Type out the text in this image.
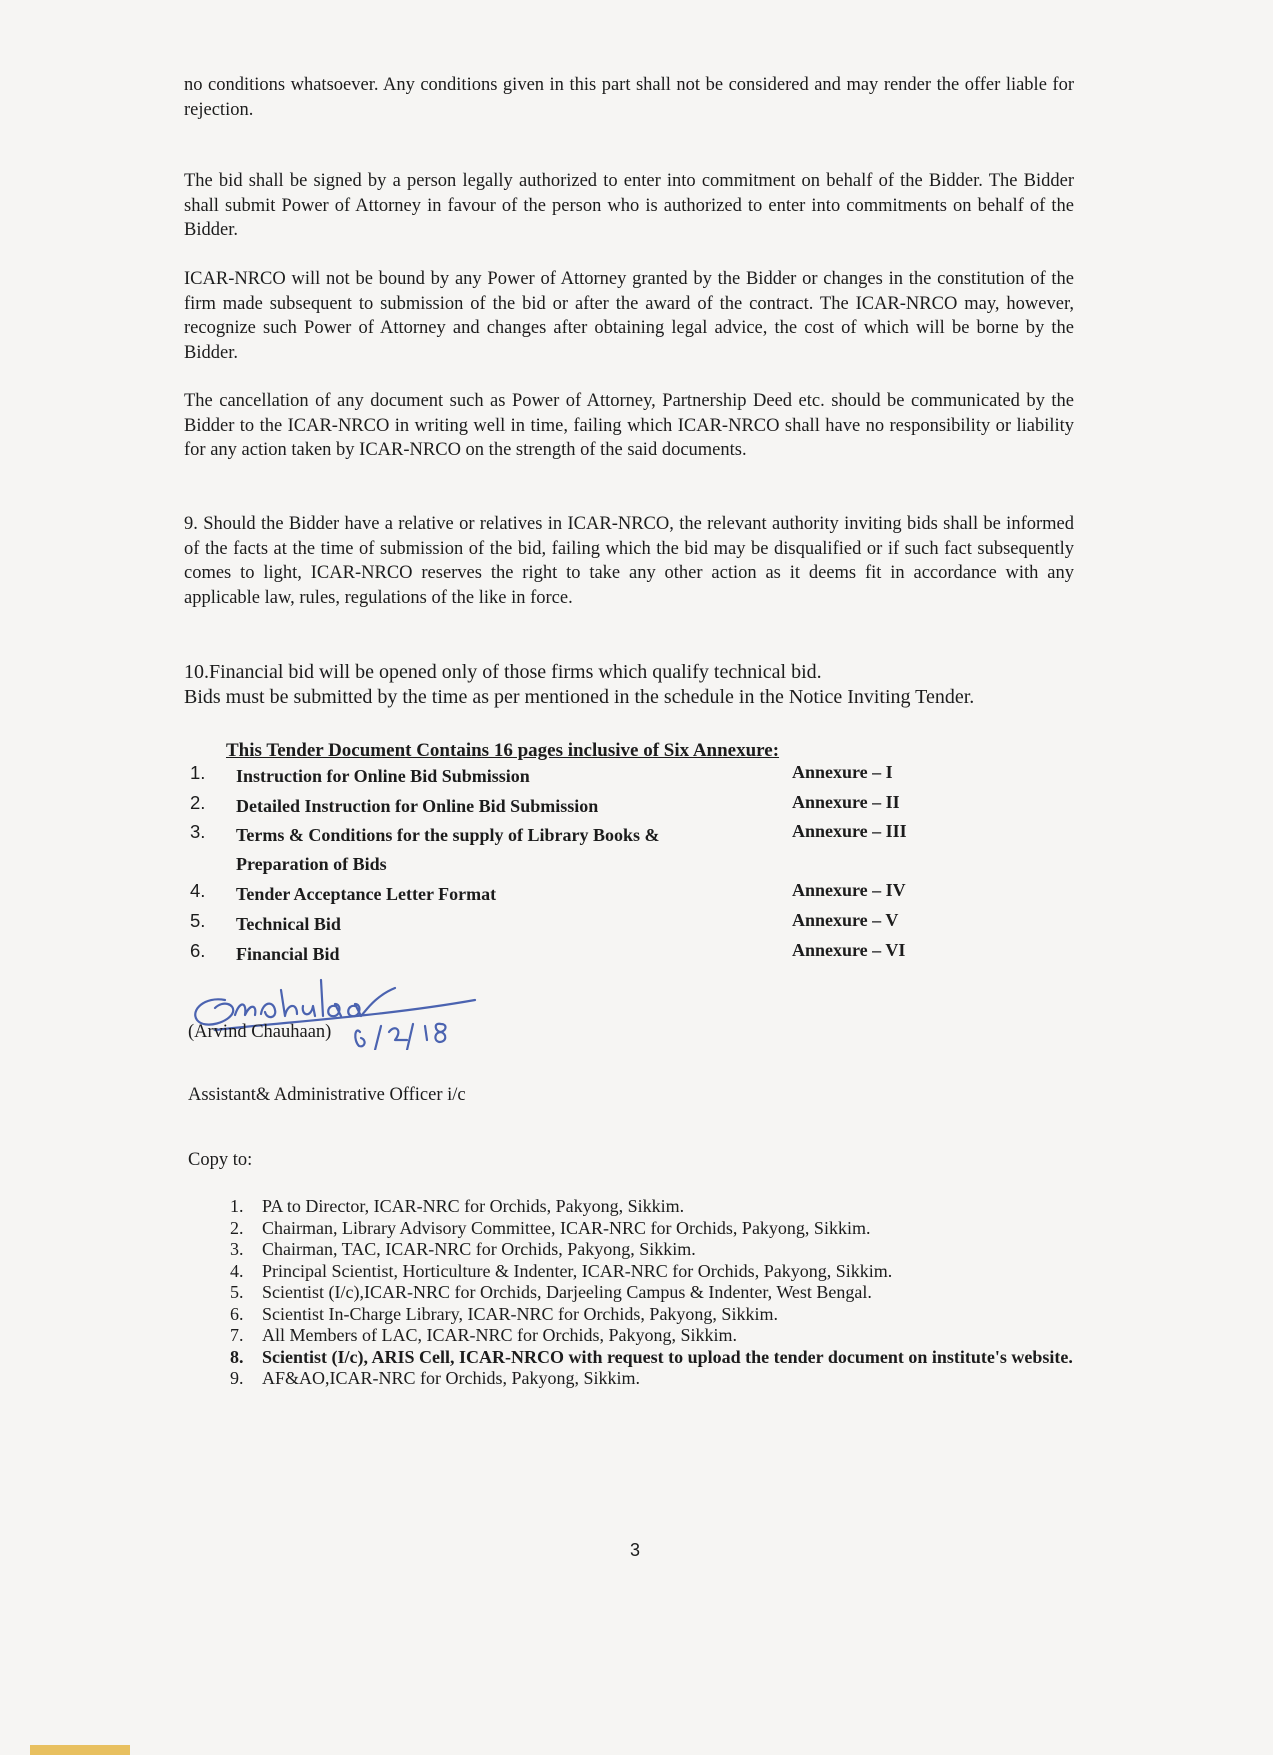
no conditions whatsoever. Any conditions given in this part shall not be considered and may render the offer liable for rejection.

The bid shall be signed by a person legally authorized to enter into commitment on behalf of the Bidder. The Bidder shall submit Power of Attorney in favour of the person who is authorized to enter into commitments on behalf of the Bidder.

ICAR-NRCO will not be bound by any Power of Attorney granted by the Bidder or changes in the constitution of the firm made subsequent to submission of the bid or after the award of the contract. The ICAR-NRCO may, however, recognize such Power of Attorney and changes after obtaining legal advice, the cost of which will be borne by the Bidder.

The cancellation of any document such as Power of Attorney, Partnership Deed etc. should be communicated by the Bidder to the ICAR-NRCO in writing well in time, failing which ICAR-NRCO shall have no responsibility or liability for any action taken by ICAR-NRCO on the strength of the said documents.

9. Should the Bidder have a relative or relatives in ICAR-NRCO, the relevant authority inviting bids shall be informed of the facts at the time of submission of the bid, failing which the bid may be disqualified or if such fact subsequently comes to light, ICAR-NRCO reserves the right to take any other action as it deems fit in accordance with any applicable law, rules, regulations of the like in force.

10.Financial bid will be opened only of those firms which qualify technical bid.

Bids must be submitted by the time as per mentioned in the schedule in the Notice Inviting Tender.

This Tender Document Contains 16 pages inclusive of Six Annexure:

1. Instruction for Online Bid Submission	Annexure – I
2. Detailed Instruction for Online Bid Submission	Annexure – II
3. Terms & Conditions for the supply of Library Books & Preparation of Bids
Annexure – III
4. Tender Acceptance Letter Format	Annexure – IV
5. Technical Bid	Annexure – V
6. Financial Bid	Annexure – VI

(Arvind Chauhaan)

Assistant& Administrative Officer i/c

Copy to:

1. PA to Director, ICAR-NRC for Orchids, Pakyong, Sikkim.
2. Chairman, Library Advisory Committee, ICAR-NRC for Orchids, Pakyong, Sikkim.
3. Chairman, TAC, ICAR-NRC for Orchids, Pakyong, Sikkim.
4. Principal Scientist, Horticulture & Indenter, ICAR-NRC for Orchids, Pakyong, Sikkim.
5. Scientist (I/c),ICAR-NRC for Orchids, Darjeeling Campus & Indenter, West Bengal.
6. Scientist In-Charge Library, ICAR-NRC for Orchids, Pakyong, Sikkim.
7. All Members of LAC, ICAR-NRC for Orchids, Pakyong, Sikkim.
8. Scientist (I/c), ARIS Cell, ICAR-NRCO with request to upload the tender document on institute's website.
9. AF&AO,ICAR-NRC for Orchids, Pakyong, Sikkim.
3
